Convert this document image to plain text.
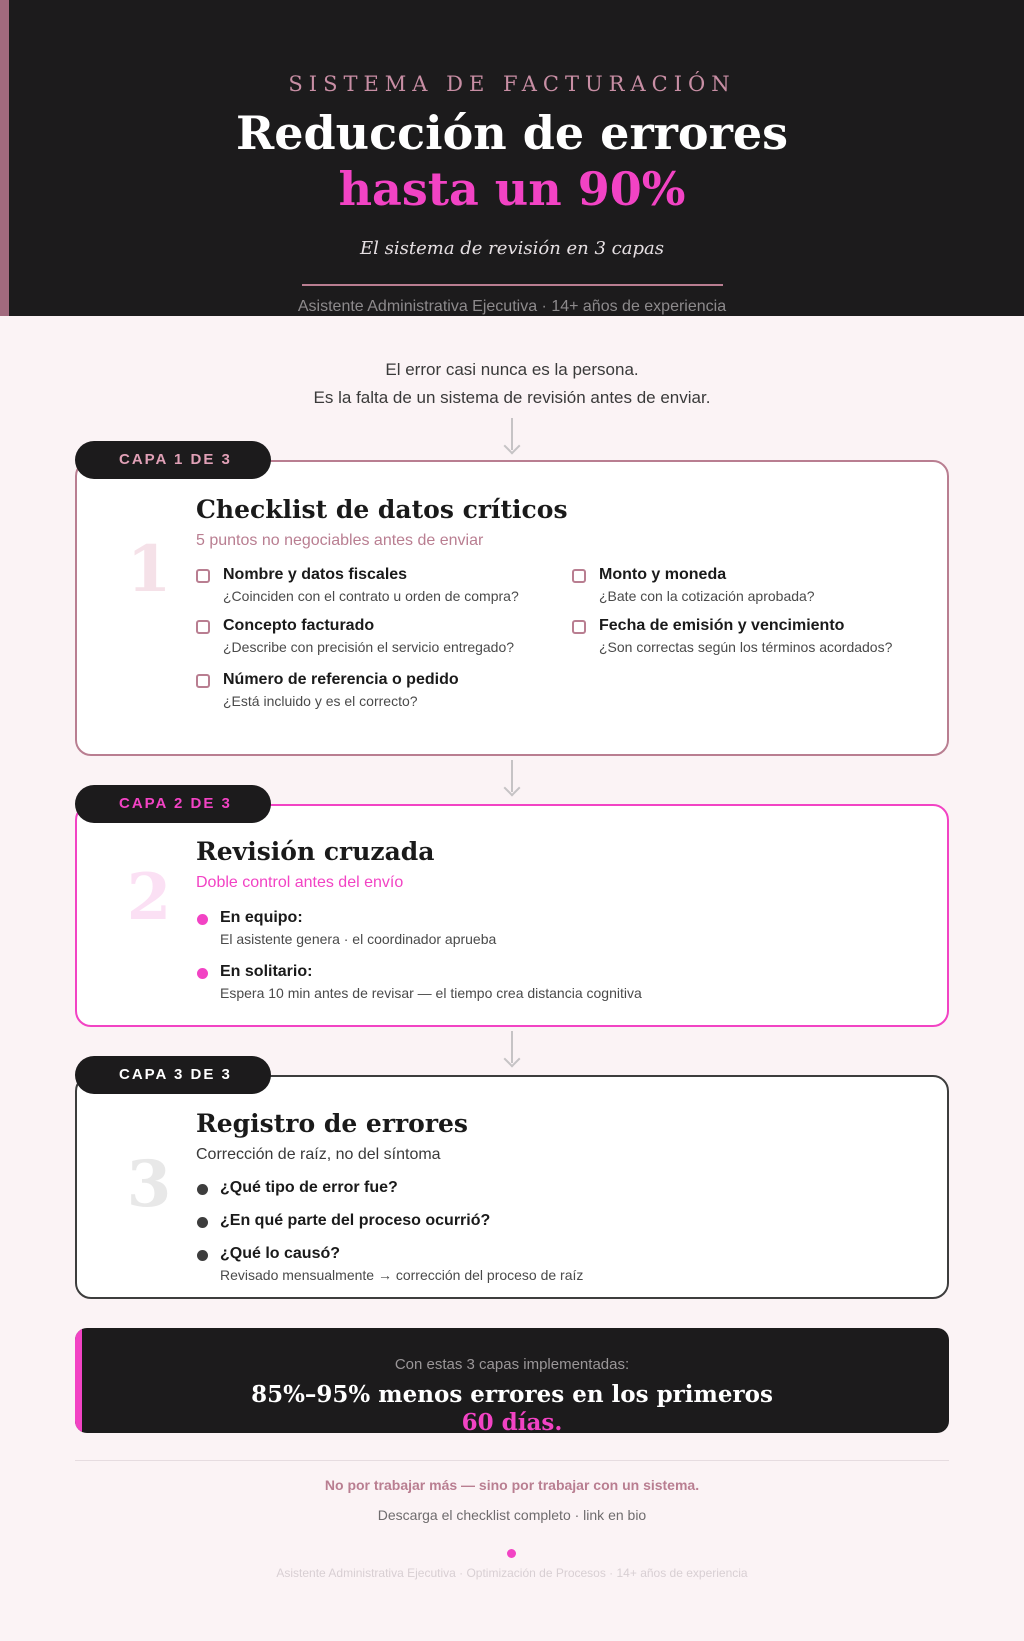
SISTEMA DE FACTURACIÓN
Reducción de errores
hasta un 90%
El sistema de revisión en 3 capas
Asistente Administrativa Ejecutiva · 14+ años de experiencia
El error casi nunca es la persona.
Es la falta de un sistema de revisión antes de enviar.
1
Checklist de datos críticos
5 puntos no negociables antes de enviar
Nombre y datos fiscales
¿Coinciden con el contrato u orden de compra?
Monto y moneda
¿Bate con la cotización aprobada?
Concepto facturado
¿Describe con precisión el servicio entregado?
Fecha de emisión y vencimiento
¿Son correctas según los términos acordados?
Número de referencia o pedido
¿Está incluido y es el correcto?
CAPA 1 DE 3
2
Revisión cruzada
Doble control antes del envío
En equipo:
El asistente genera · el coordinador aprueba
En solitario:
Espera 10 min antes de revisar — el tiempo crea distancia cognitiva
CAPA 2 DE 3
3
Registro de errores
Corrección de raíz, no del síntoma
¿Qué tipo de error fue?
¿En qué parte del proceso ocurrió?
¿Qué lo causó?
Revisado mensualmente → corrección del proceso de raíz
CAPA 3 DE 3
Con estas 3 capas implementadas:
85%–95% menos errores en los primeros
60 días.
No por trabajar más — sino por trabajar con un sistema.
Descarga el checklist completo · link en bio
Asistente Administrativa Ejecutiva · Optimización de Procesos · 14+ años de experiencia
